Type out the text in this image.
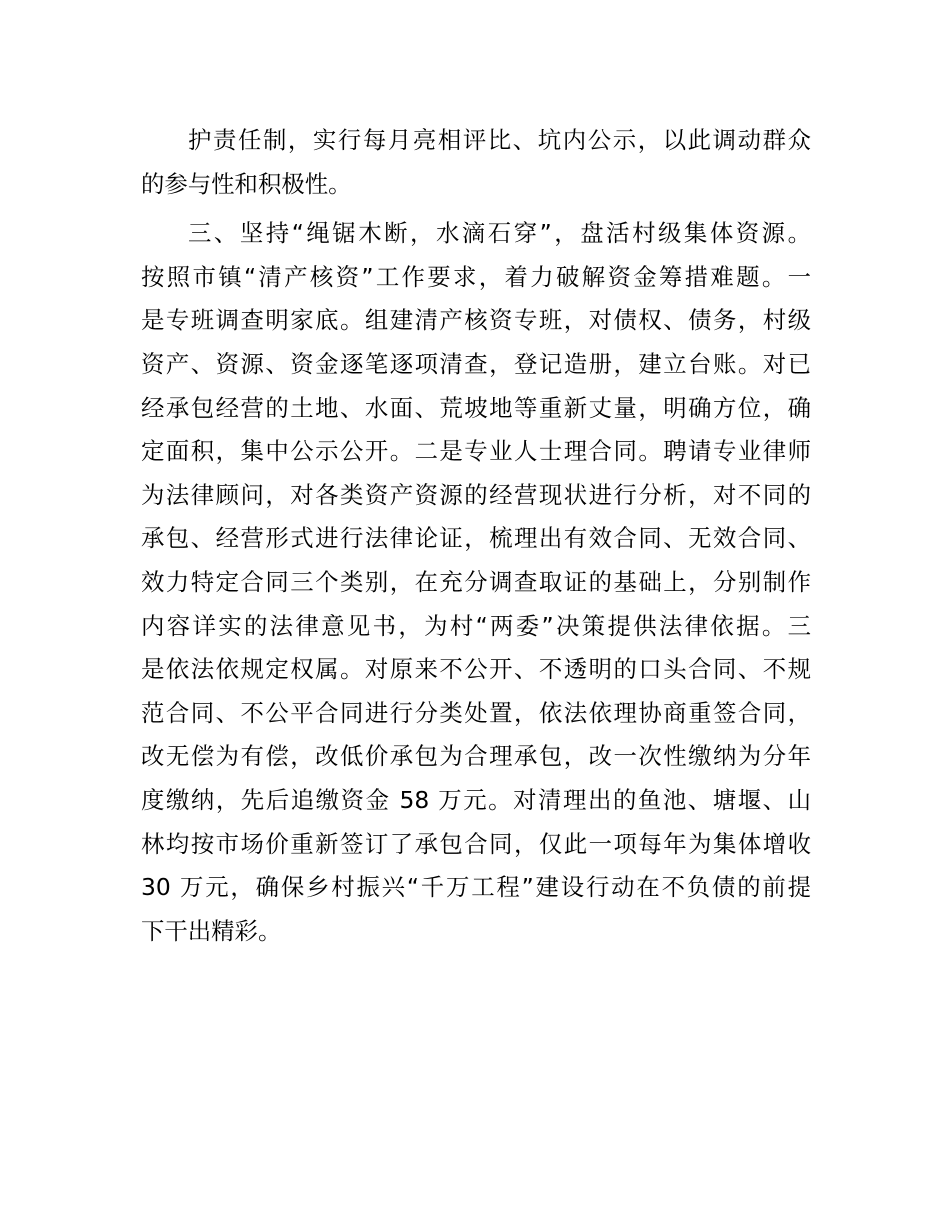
护责任制，实行每月亮相评比、坑内公示，以此调动群众
的参与性和积极性。
三、坚持“绳锯木断，水滴石穿”，盘活村级集体资源。
按照市镇“清产核资”工作要求，着力破解资金筹措难题。一
是专班调查明家底。组建清产核资专班，对债权、债务，村级
资产、资源、资金逐笔逐项清查，登记造册，建立台账。对已
经承包经营的土地、水面、荒坡地等重新丈量，明确方位，确
定面积，集中公示公开。二是专业人士理合同。聘请专业律师
为法律顾问，对各类资产资源的经营现状进行分析，对不同的
承包、经营形式进行法律论证，梳理出有效合同、无效合同、
效力特定合同三个类别，在充分调查取证的基础上，分别制作
内容详实的法律意见书，为村“两委”决策提供法律依据。三
是依法依规定权属。对原来不公开、不透明的口头合同、不规
范合同、不公平合同进行分类处置，依法依理协商重签合同，
改无偿为有偿，改低价承包为合理承包，改一次性缴纳为分年
度缴纳，先后追缴资金 58 万元。对清理出的鱼池、塘堰、山
林均按市场价重新签订了承包合同，仅此一项每年为集体增收
30 万元，确保乡村振兴“千万工程”建设行动在不负债的前提
下干出精彩。
